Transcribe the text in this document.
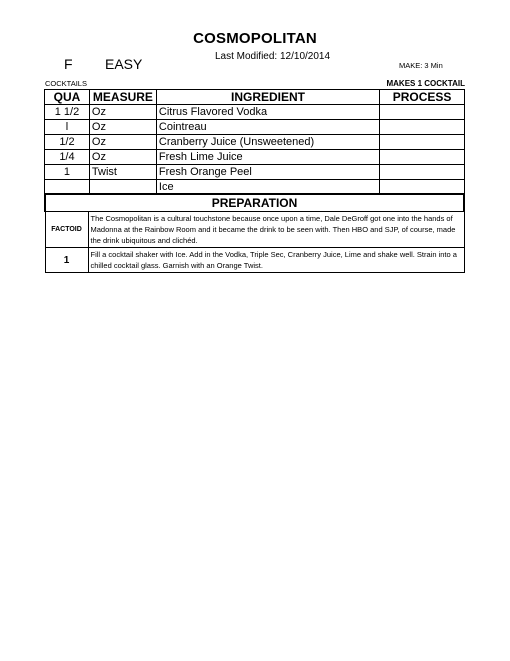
COSMOPOLITAN
Last Modified: 12/10/2014
F EASY	MAKE: 3 Min
COCKTAILS	MAKES 1 COCKTAIL
QUA	MEASURE	INGREDIENT	PROCESS
1 1/2	Oz	Citrus Flavored Vodka	
l	Oz	Cointreau	
1/2	Oz	Cranberry Juice (Unsweetened)	
1/4	Oz	Fresh Lime Juice	
1	Twist	Fresh Orange Peel	
		Ice	
PREPARATION	
FACTOID	The Cosmopolitan is a cultural touchstone because once upon a time, Dale DeGroff got one into the hands of Madonna at the Rainbow Room and it became the drink to be seen with. Then HBO and SJP, of course, made the drink ubiquitous and clichéd.
1	Fill a cocktail shaker with Ice. Add in the Vodka, Triple Sec, Cranberry Juice, Lime and shake well. Strain into a chilled cocktail glass. Garnish with an Orange Twist.
